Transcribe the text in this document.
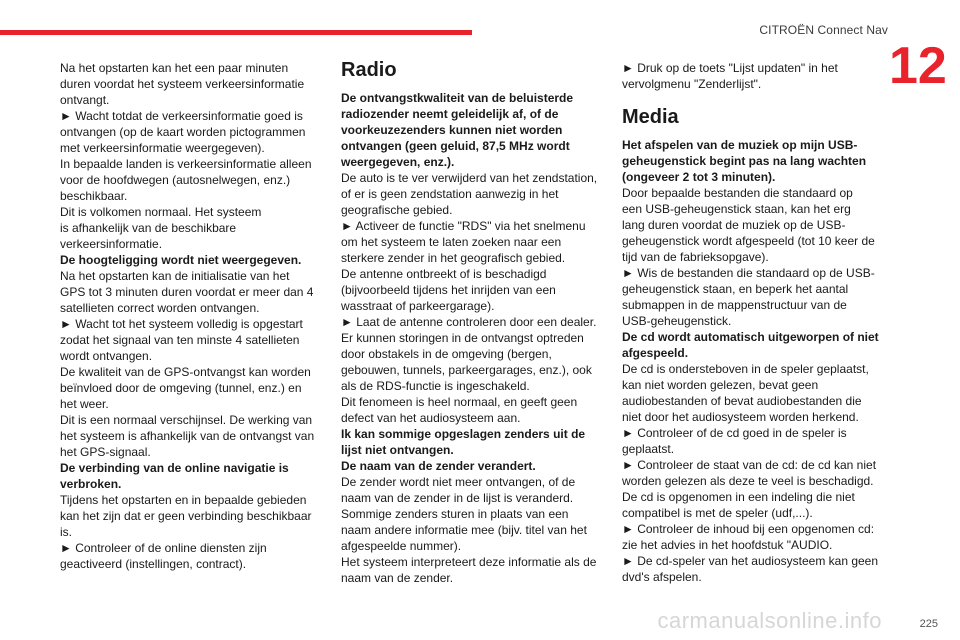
CITROËN Connect Nav
12
Na het opstarten kan het een paar minuten
duren voordat het systeem verkeersinformatie
ontvangt.
► Wacht totdat de verkeersinformatie goed is
ontvangen (op de kaart worden pictogrammen
met verkeersinformatie weergegeven).
In bepaalde landen is verkeersinformatie alleen
voor de hoofdwegen (autosnelwegen, enz.)
beschikbaar.
Dit is volkomen normaal. Het systeem
is afhankelijk van de beschikbare
verkeersinformatie.
De hoogteligging wordt niet weergegeven.
Na het opstarten kan de initialisatie van het
GPS tot 3 minuten duren voordat er meer dan 4
satellieten correct worden ontvangen.
► Wacht tot het systeem volledig is opgestart
zodat het signaal van ten minste 4 satellieten
wordt ontvangen.
De kwaliteit van de GPS-ontvangst kan worden
beïnvloed door de omgeving (tunnel, enz.) en
het weer.
Dit is een normaal verschijnsel. De werking van
het systeem is afhankelijk van de ontvangst van
het GPS-signaal.
De verbinding van de online navigatie is
verbroken.
Tijdens het opstarten en in bepaalde gebieden
kan het zijn dat er geen verbinding beschikbaar
is.
► Controleer of de online diensten zijn
geactiveerd (instellingen, contract).
Radio
De ontvangstkwaliteit van de beluisterde
radiozender neemt geleidelijk af, of de
voorkeuzezenders kunnen niet worden
ontvangen (geen geluid, 87,5 MHz wordt
weergegeven, enz.).
De auto is te ver verwijderd van het zendstation,
of er is geen zendstation aanwezig in het
geografische gebied.
► Activeer de functie "RDS" via het snelmenu
om het systeem te laten zoeken naar een
sterkere zender in het geografisch gebied.
De antenne ontbreekt of is beschadigd
(bijvoorbeeld tijdens het inrijden van een
wasstraat of parkeergarage).
► Laat de antenne controleren door een dealer.
Er kunnen storingen in de ontvangst optreden
door obstakels in de omgeving (bergen,
gebouwen, tunnels, parkeergarages, enz.), ook
als de RDS-functie is ingeschakeld.
Dit fenomeen is heel normaal, en geeft geen
defect van het audiosysteem aan.
Ik kan sommige opgeslagen zenders uit de
lijst niet ontvangen.
De naam van de zender verandert.
De zender wordt niet meer ontvangen, of de
naam van de zender in de lijst is veranderd.
Sommige zenders sturen in plaats van een
naam andere informatie mee (bijv. titel van het
afgespeelde nummer).
Het systeem interpreteert deze informatie als de
naam van de zender.
► Druk op de toets "Lijst updaten" in het
vervolgmenu "Zenderlijst".
Media
Het afspelen van de muziek op mijn USB-
geheugenstick begint pas na lang wachten
(ongeveer 2 tot 3 minuten).
Door bepaalde bestanden die standaard op
een USB-geheugenstick staan, kan het erg
lang duren voordat de muziek op de USB-
geheugenstick wordt afgespeeld (tot 10 keer de
tijd van de fabrieksopgave).
► Wis de bestanden die standaard op de USB-
geheugenstick staan, en beperk het aantal
submappen in de mappenstructuur van de
USB-geheugenstick.
De cd wordt automatisch uitgeworpen of niet
afgespeeld.
De cd is ondersteboven in de speler geplaatst,
kan niet worden gelezen, bevat geen
audiobestanden of bevat audiobestanden die
niet door het audiosysteem worden herkend.
► Controleer of de cd goed in de speler is
geplaatst.
► Controleer de staat van de cd: de cd kan niet
worden gelezen als deze te veel is beschadigd.
De cd is opgenomen in een indeling die niet
compatibel is met de speler (udf,...).
► Controleer de inhoud bij een opgenomen cd:
zie het advies in het hoofdstuk "AUDIO.
► De cd-speler van het audiosysteem kan geen
dvd's afspelen.
carmanualsonline.info	225
